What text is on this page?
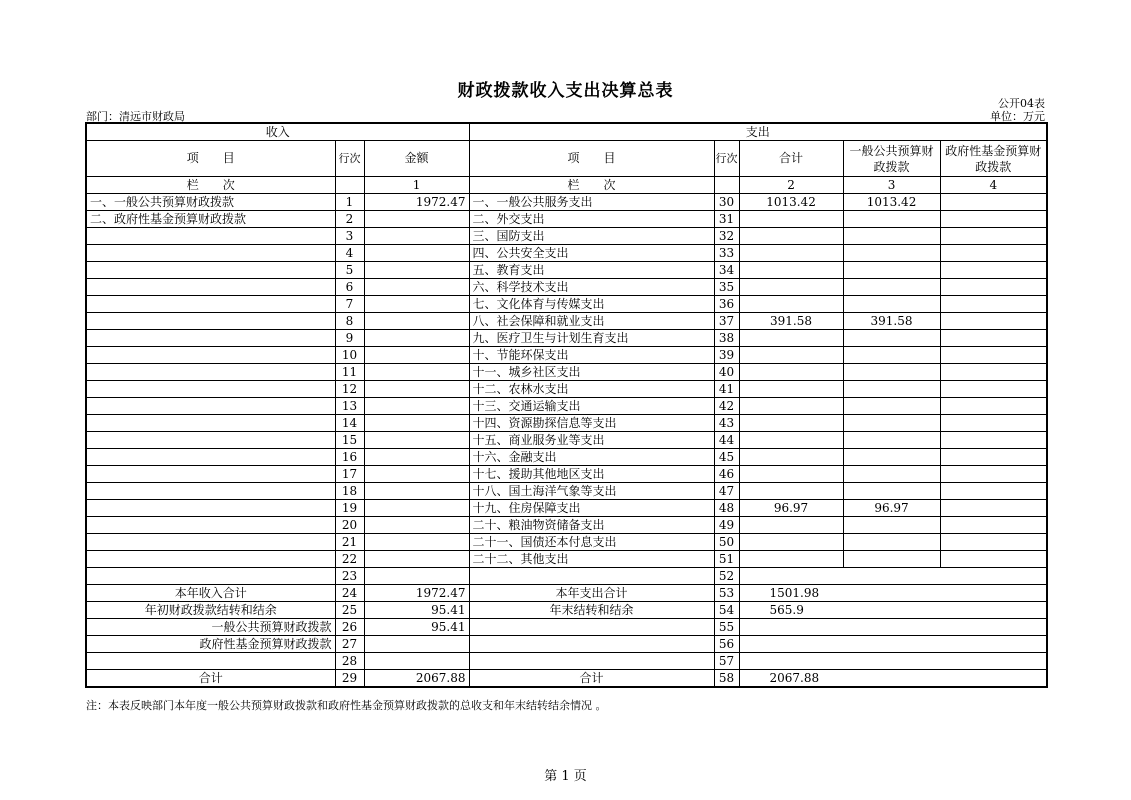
财政拨款收入支出决算总表
公开04表
部门：清远市财政局	单位：万元
收入			支出				
项　　目	行次	金额	项　　目	行次	合计	一般公共预算财政拨款	政府性基金预算财政拨款
栏　　次		1	栏　　次		2	3	4
一、一般公共预算财政拨款	1	1972.47	一、一般公共服务支出	30	1013.42	1013.42	
二、政府性基金预算财政拨款	2		二、外交支出	31			
	3		三、国防支出	32			
	4		四、公共安全支出	33			
	5		五、教育支出	34			
	6		六、科学技术支出	35			
	7		七、文化体育与传媒支出	36			
	8		八、社会保障和就业支出	37	391.58	391.58	
	9		九、医疗卫生与计划生育支出	38			
	10		十、节能环保支出	39			
	11		十一、城乡社区支出	40			
	12		十二、农林水支出	41			
	13		十三、交通运输支出	42			
	14		十四、资源勘探信息等支出	43			
	15		十五、商业服务业等支出	44			
	16		十六、金融支出	45			
	17		十七、援助其他地区支出	46			
	18		十八、国土海洋气象等支出	47			
	19		十九、住房保障支出	48	96.97	96.97	
	20		二十、粮油物资储备支出	49			
	21		二十一、国债还本付息支出	50			
	22		二十二、其他支出	51			
	23			52			
本年收入合计	24	1972.47	本年支出合计	53	1501.98		
年初财政拨款结转和结余	25	95.41	年末结转和结余	54	565.9		
一般公共预算财政拨款	26	95.41		55			
政府性基金预算财政拨款	27			56			
	28			57			
合计	29	2067.88	合计	58	2067.88		
注：本表反映部门本年度一般公共预算财政拨款和政府性基金预算财政拨款的总收支和年末结转结余情况 。
第 1 页
